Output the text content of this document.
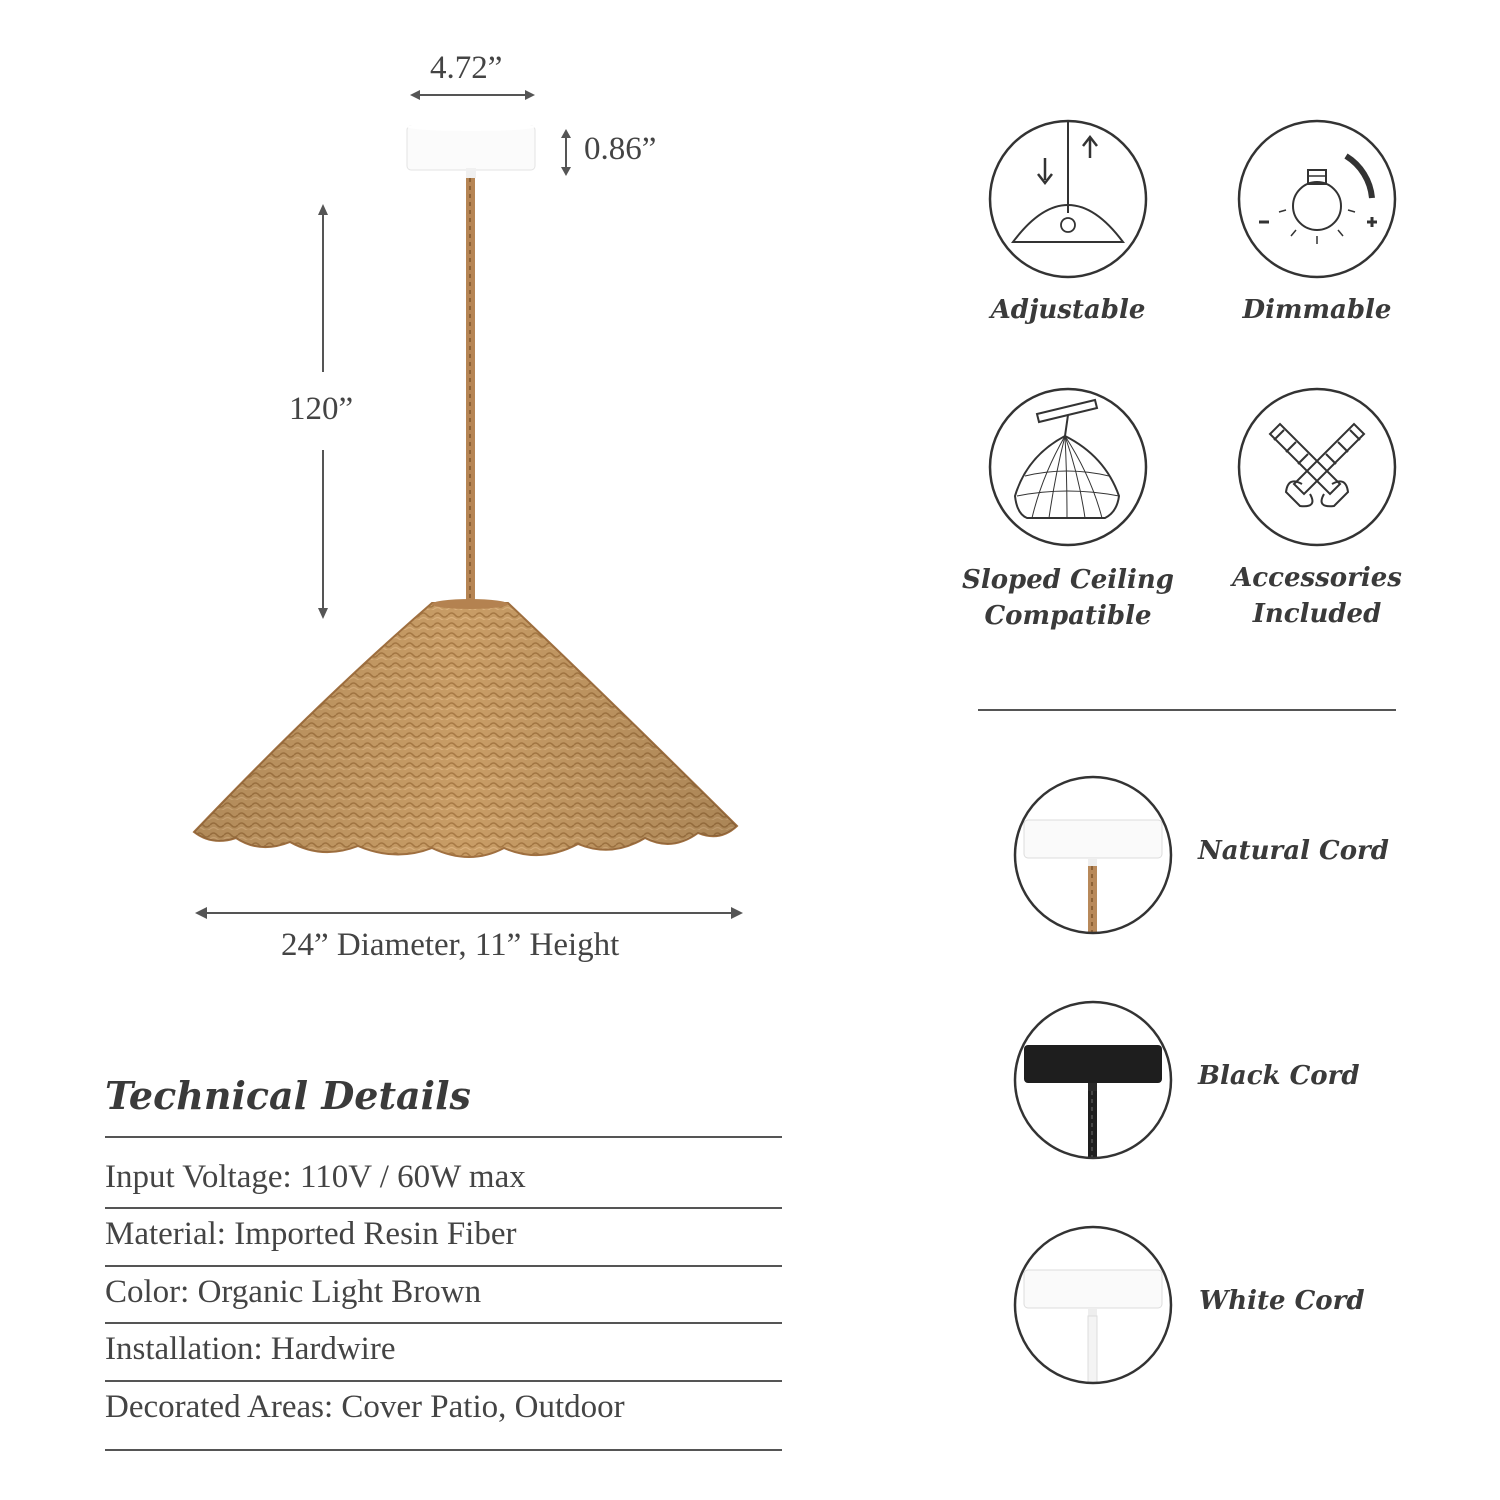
4.72”
0.86”
120”
24” Diameter, 11” Height
Adjustable	Dimmable
Sloped Ceiling
Compatible
Accessories
Included
Natural Cord
Black Cord
White Cord
Technical Details
Input Voltage: 110V / 60W max
Material: Imported Resin Fiber
Color: Organic Light Brown
Installation: Hardwire
Decorated Areas: Cover Patio, Outdoor
